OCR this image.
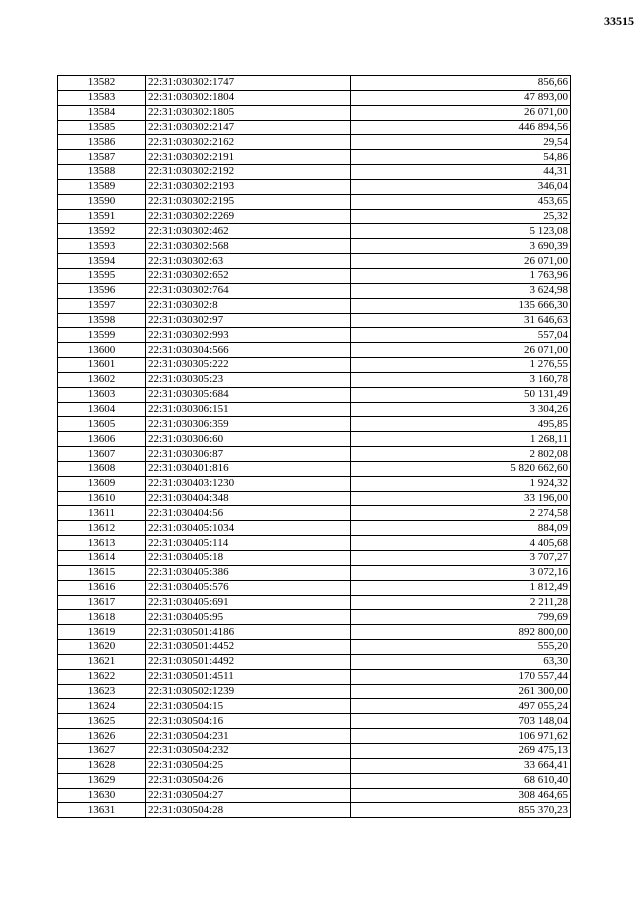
33515
13582	22:31:030302:1747	856,66
13583	22:31:030302:1804	47 893,00
13584	22:31:030302:1805	26 071,00
13585	22:31:030302:2147	446 894,56
13586	22:31:030302:2162	29,54
13587	22:31:030302:2191	54,86
13588	22:31:030302:2192	44,31
13589	22:31:030302:2193	346,04
13590	22:31:030302:2195	453,65
13591	22:31:030302:2269	25,32
13592	22:31:030302:462	5 123,08
13593	22:31:030302:568	3 690,39
13594	22:31:030302:63	26 071,00
13595	22:31:030302:652	1 763,96
13596	22:31:030302:764	3 624,98
13597	22:31:030302:8	135 666,30
13598	22:31:030302:97	31 646,63
13599	22:31:030302:993	557,04
13600	22:31:030304:566	26 071,00
13601	22:31:030305:222	1 276,55
13602	22:31:030305:23	3 160,78
13603	22:31:030305:684	50 131,49
13604	22:31:030306:151	3 304,26
13605	22:31:030306:359	495,85
13606	22:31:030306:60	1 268,11
13607	22:31:030306:87	2 802,08
13608	22:31:030401:816	5 820 662,60
13609	22:31:030403:1230	1 924,32
13610	22:31:030404:348	33 196,00
13611	22:31:030404:56	2 274,58
13612	22:31:030405:1034	884,09
13613	22:31:030405:114	4 405,68
13614	22:31:030405:18	3 707,27
13615	22:31:030405:386	3 072,16
13616	22:31:030405:576	1 812,49
13617	22:31:030405:691	2 211,28
13618	22:31:030405:95	799,69
13619	22:31:030501:4186	892 800,00
13620	22:31:030501:4452	555,20
13621	22:31:030501:4492	63,30
13622	22:31:030501:4511	170 557,44
13623	22:31:030502:1239	261 300,00
13624	22:31:030504:15	497 055,24
13625	22:31:030504:16	703 148,04
13626	22:31:030504:231	106 971,62
13627	22:31:030504:232	269 475,13
13628	22:31:030504:25	33 664,41
13629	22:31:030504:26	68 610,40
13630	22:31:030504:27	308 464,65
13631	22:31:030504:28	855 370,23
